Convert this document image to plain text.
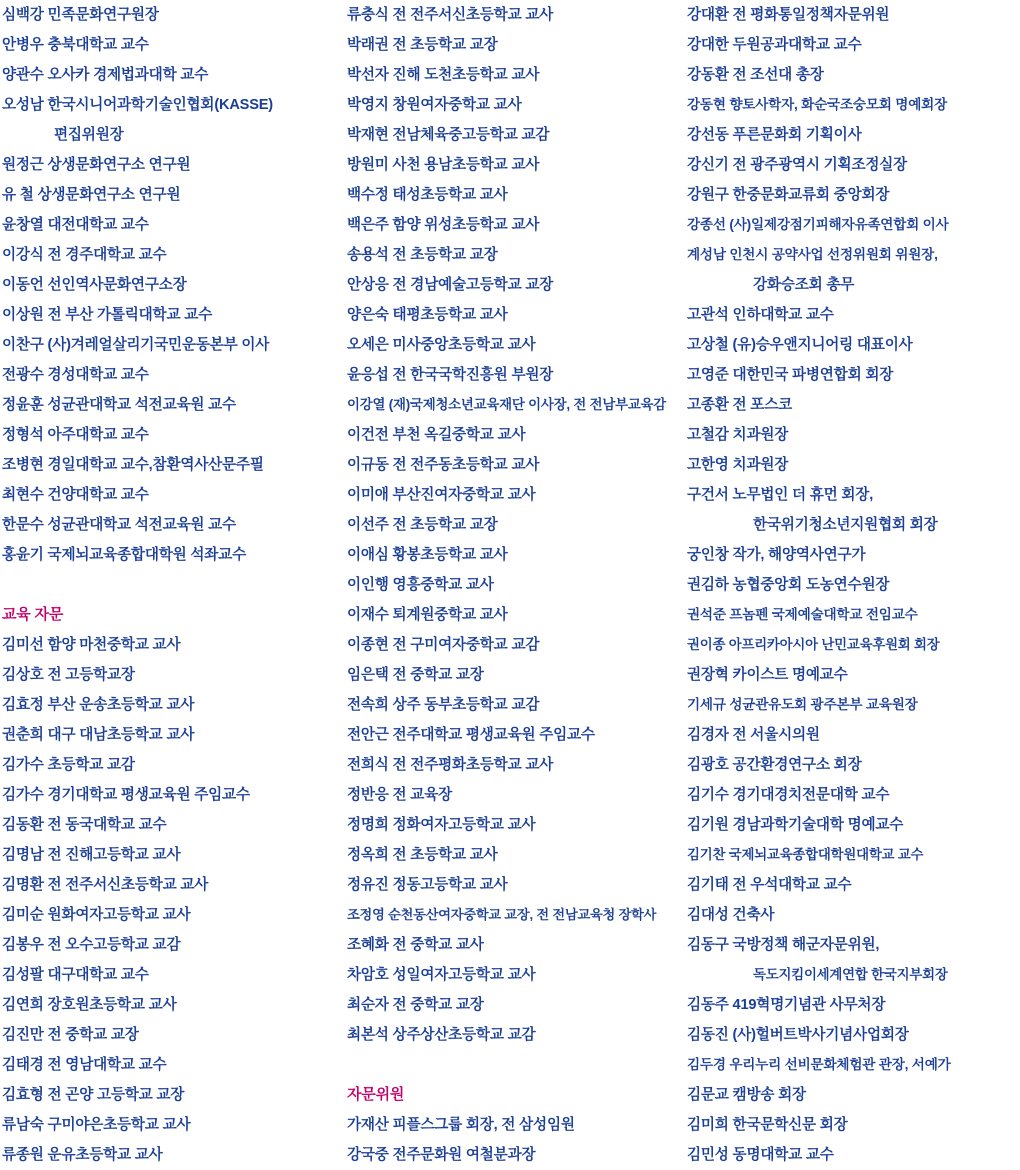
심백강 민족문화연구원장
안병우 충북대학교 교수
양관수 오사카 경제법과대학 교수
오성남 한국시니어과학기술인협회(KASSE)
편집위원장
원정근 상생문화연구소 연구원
유 철 상생문화연구소 연구원
윤창열 대전대학교 교수
이강식 전 경주대학교 교수
이동언 선인역사문화연구소장
이상원 전 부산 가톨릭대학교 교수
이찬구 (사)겨레얼살리기국민운동본부 이사
전광수 경성대학교 교수
정윤훈 성균관대학교 석전교육원 교수
정형석 아주대학교 교수
조병현 경일대학교 교수,참환역사산문주필
최현수 건양대학교 교수
한문수 성균관대학교 석전교육원 교수
홍윤기 국제뇌교육종합대학원 석좌교수
교육 자문
김미선 함양 마천중학교 교사
김상호 전 고등학교장
김효정 부산 운송초등학교 교사
권춘희 대구 대남초등학교 교사
김가수 초등학교 교감
김가수 경기대학교 평생교육원 주임교수
김동환 전 동국대학교 교수
김명남 전 진해고등학교 교사
김명환 전 전주서신초등학교 교사
김미순 원화여자고등학교 교사
김봉우 전 오수고등학교 교감
김성팔 대구대학교 교수
김연희 장호원초등학교 교사
김진만 전 중학교 교장
김태경 전 영남대학교 교수
김효형 전 곤양 고등학교 교장
류남숙 구미야은초등학교 교사
류종원 운유초등학교 교사
류충식 전 전주서신초등학교 교사
박래권 전 초등학교 교장
박선자 진해 도천초등학교 교사
박영지 창원여자중학교 교사
박재현 전남체육중고등학교 교감
방원미 사천 용남초등학교 교사
백수정 태성초등학교 교사
백은주 함양 위성초등학교 교사
송용석 전 초등학교 교장
안상응 전 경남예술고등학교 교장
양은숙 태평초등학교 교사
오세은 미사중앙초등학교 교사
윤응섭 전 한국국학진흥원 부원장
이강열 (재)국제청소년교육재단 이사장, 전 전남부교육감
이건전 부천 옥길중학교 교사
이규동 전 전주동초등학교 교사
이미애 부산진여자중학교 교사
이선주 전 초등학교 교장
이애심 황봉초등학교 교사
이인행 영흥중학교 교사
이재수 퇴계원중학교 교사
이종현 전 구미여자중학교 교감
임은택 전 중학교 교장
전속희 상주 동부초등학교 교감
전안근 전주대학교 평생교육원 주임교수
전희식 전 전주평화초등학교 교사
정반응 전 교육장
정명희 정화여자고등학교 교사
정옥희 전 초등학교 교사
정유진 정동고등학교 교사
조정영 순천동산여자중학교 교장, 전 전남교육청 장학사
조혜화 전 중학교 교사
차암호 성일여자고등학교 교사
최순자 전 중학교 교장
최본석 상주상산초등학교 교감
자문위원
가재산 피플스그룹 회장, 전 삼성임원
강국중 전주문화원 여철분과장
강대환 전 평화통일정책자문위원
강대한 두원공과대학교 교수
강동환 전 조선대 총장
강동현 향토사학자, 화순국조숭모회 명예회장
강선동 푸른문화회 기획이사
강신기 전 광주광역시 기획조정실장
강원구 한중문화교류회 중앙회장
강종선 (사)일제강점기피해자유족연합회 이사
계성남 인천시 공약사업 선정위원회 위원장,
강화승조회 총무
고관석 인하대학교 교수
고상철 (유)승우앤지니어링 대표이사
고영준 대한민국 파병연합회 회장
고종환 전 포스코
고철감 치과원장
고한영 치과원장
구건서 노무법인 더 휴먼 회장,
한국위기청소년지원협회 회장
궁인창 작가, 해양역사연구가
권김하 농협중앙회 도농연수원장
권석준 프놈펜 국제예술대학교 전임교수
권이종 아프리카아시아 난민교육후원회 회장
권장혁 카이스트 명예교수
기세규 성균관유도회 광주본부 교육원장
김경자 전 서울시의원
김광호 공간환경연구소 회장
김기수 경기대경치전문대학 교수
김기원 경남과학기술대학 명예교수
김기찬 국제뇌교육종합대학원대학교 교수
김기태 전 우석대학교 교수
김대성 건축사
김동구 국방정책 해군자문위원,
독도지킴이세계연합 한국지부회장
김동주 419혁명기념관 사무처장
김동진 (사)헐버트박사기념사업회장
김두경 우리누리 선비문화체험관 관장, 서예가
김문교 캠방송 회장
김미희 한국문학신문 회장
김민성 동명대학교 교수
